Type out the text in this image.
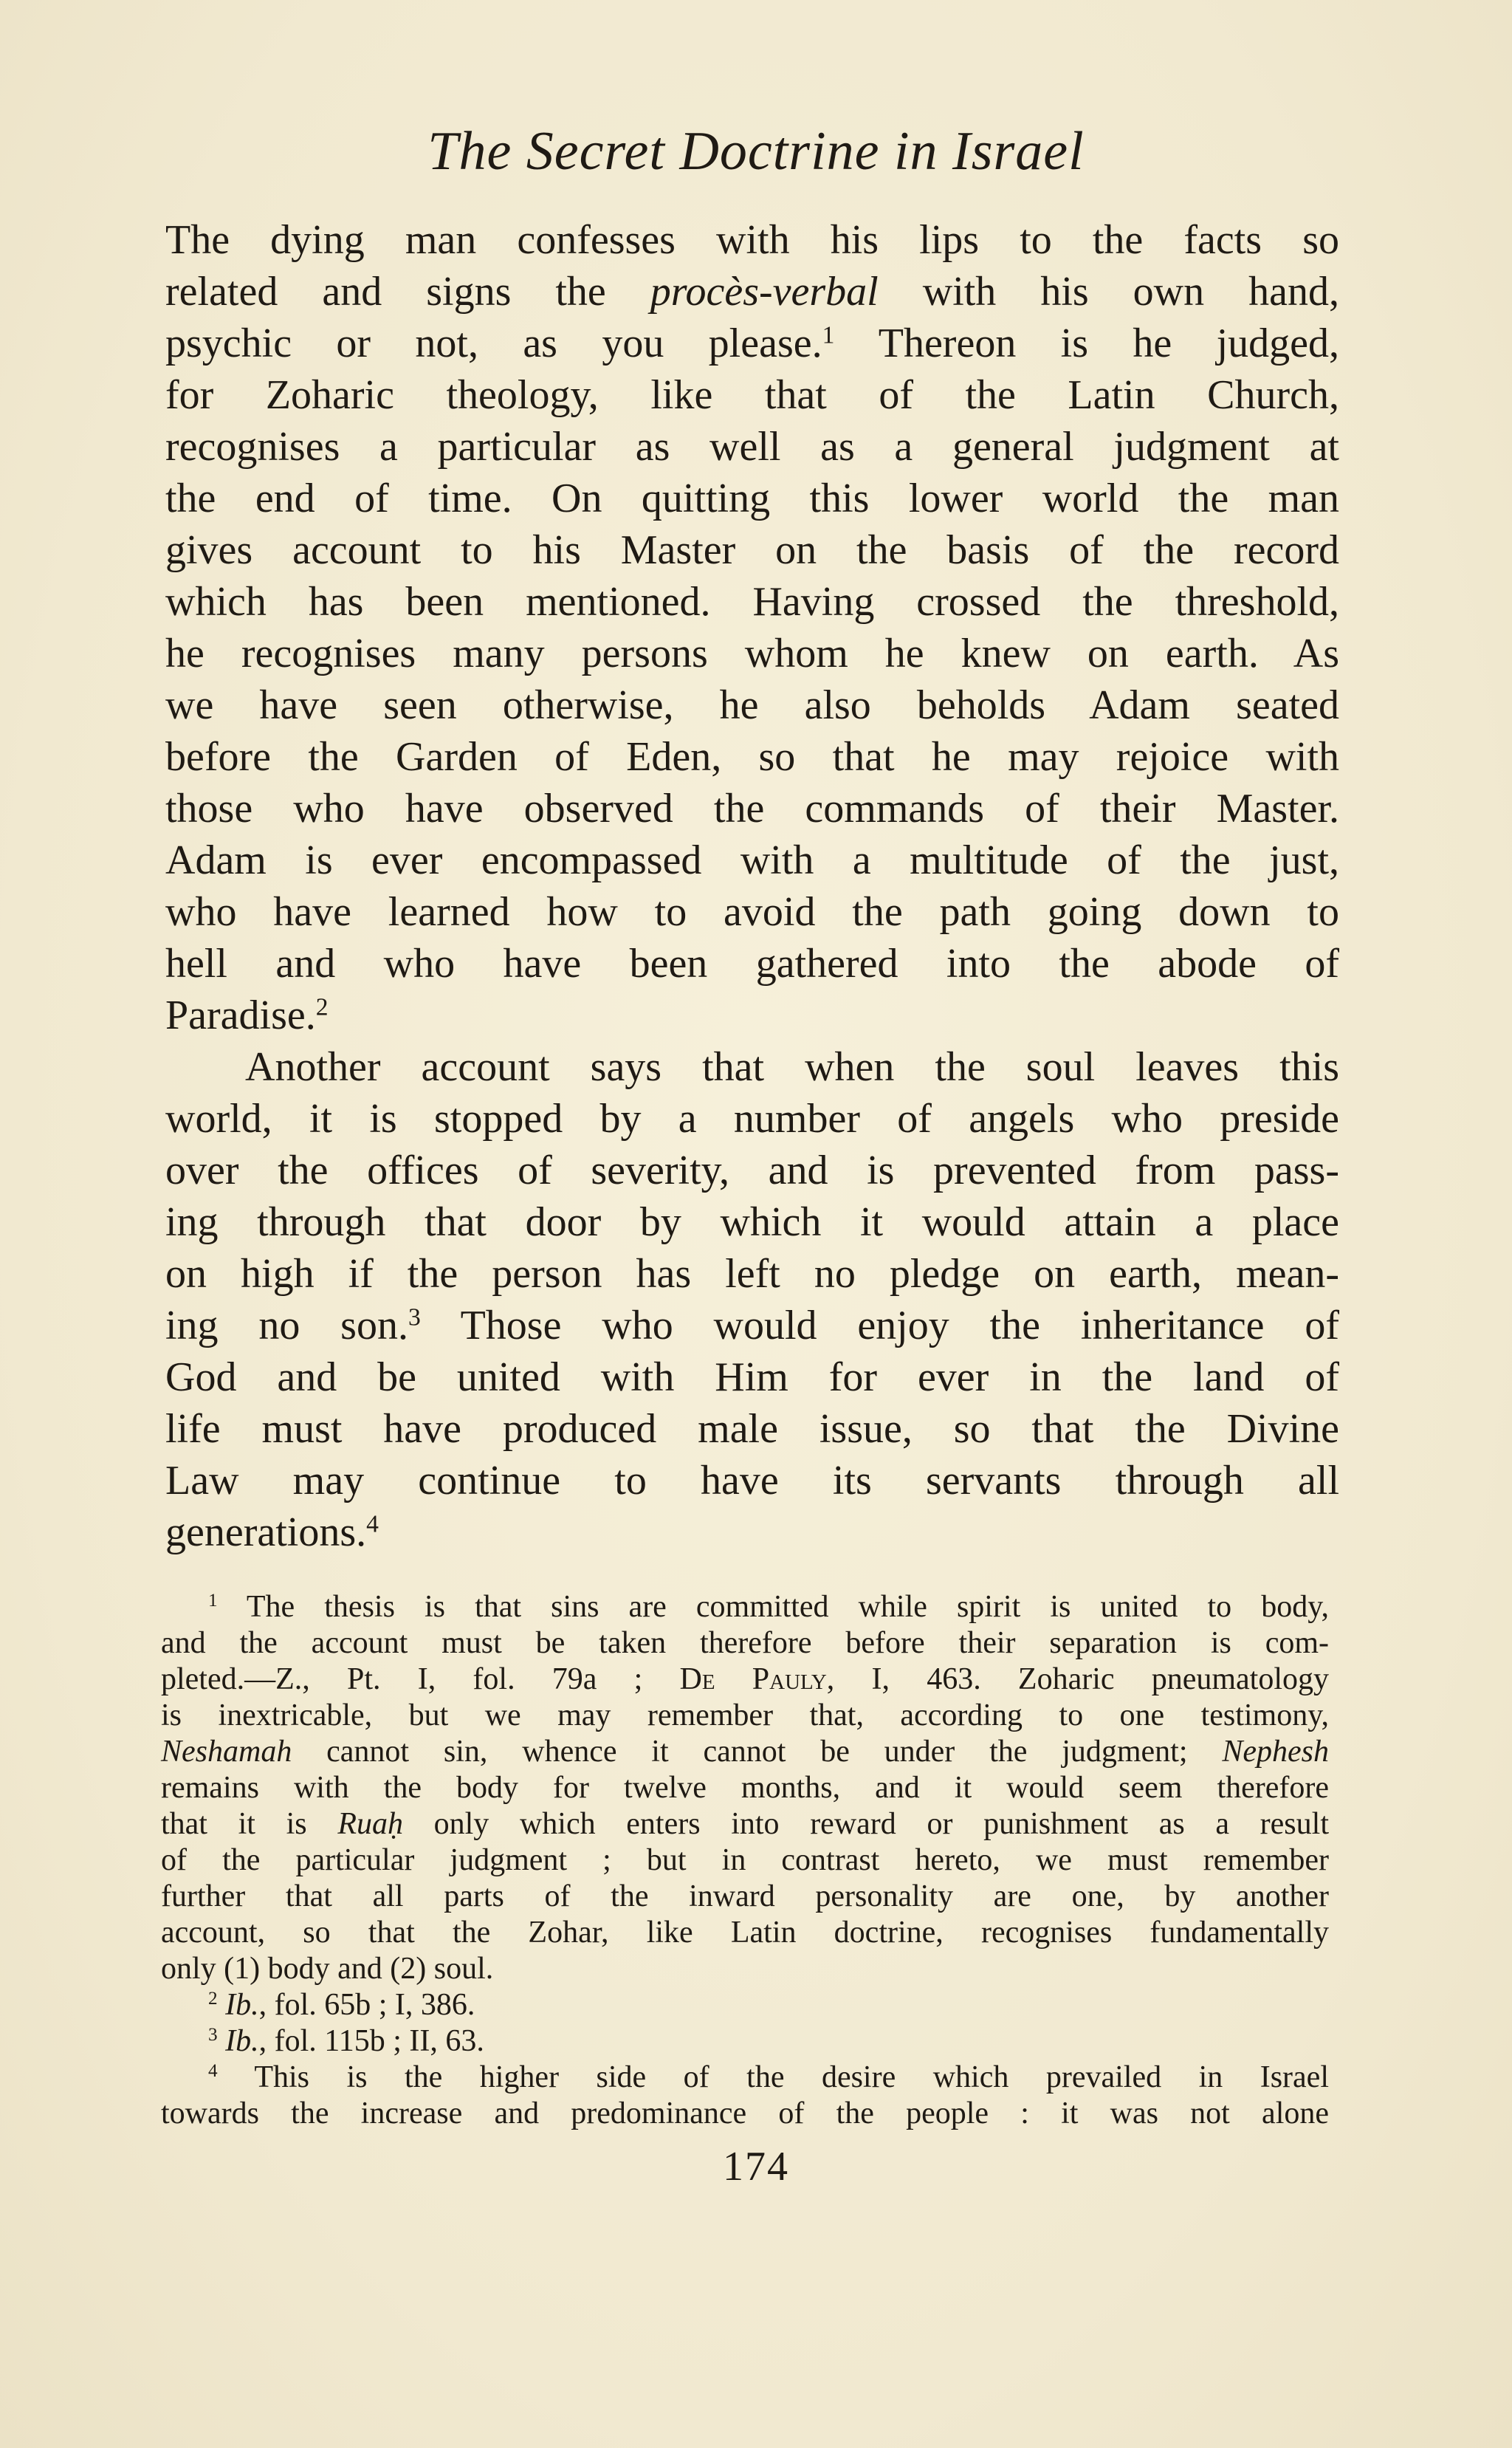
The Secret Doctrine in Israel
The dying man confesses with his lips to the facts so
related and signs the procès-verbal with his own hand,
psychic or not, as you please.$^1$ Thereon is he judged,
for Zoharic theology, like that of the Latin Church,
recognises a particular as well as a general judgment at
the end of time. On quitting this lower world the man
gives account to his Master on the basis of the record
which has been mentioned. Having crossed the threshold,
he recognises many persons whom he knew on earth. As
we have seen otherwise, he also beholds Adam seated
before the Garden of Eden, so that he may rejoice with
those who have observed the commands of their Master.
Adam is ever encompassed with a multitude of the just,
who have learned how to avoid the path going down to
hell and who have been gathered into the abode of
Paradise.$^2$
Another account says that when the soul leaves this
world, it is stopped by a number of angels who preside
over the offices of severity, and is prevented from pass-
ing through that door by which it would attain a place
on high if the person has left no pledge on earth, mean-
ing no son.$^3$ Those who would enjoy the inheritance of
God and be united with Him for ever in the land of
life must have produced male issue, so that the Divine
Law may continue to have its servants through all
generations.$^4$
$^1$ The thesis is that sins are committed while spirit is united to body,
and the account must be taken therefore before their separation is com-
pleted.—Z., Pt. I, fol. 79a ; De Pauly, I, 463. Zoharic pneumatology
is inextricable, but we may remember that, according to one testimony,
Neshamah cannot sin, whence it cannot be under the judgment; Nephesh
remains with the body for twelve months, and it would seem therefore
that it is Ruaḥ only which enters into reward or punishment as a result
of the particular judgment ; but in contrast hereto, we must remember
further that all parts of the inward personality are one, by another
account, so that the Zohar, like Latin doctrine, recognises fundamentally
only (1) body and (2) soul.
$^2$ Ib., fol. 65b ; I, 386.
$^3$ Ib., fol. 115b ; II, 63.
$^4$ This is the higher side of the desire which prevailed in Israel
towards the increase and predominance of the people : it was not alone
174
